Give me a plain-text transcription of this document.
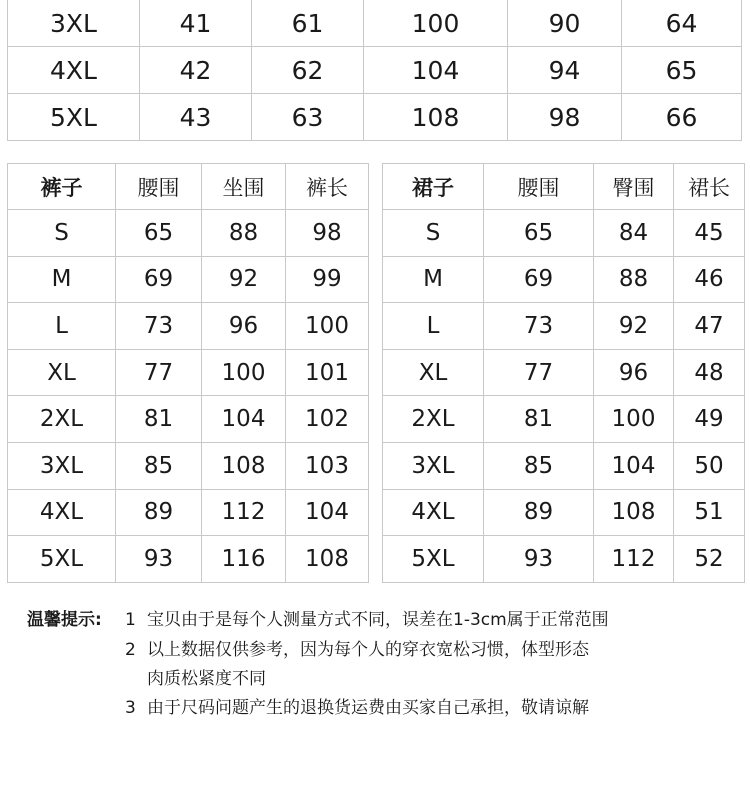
3XL	41	61	100	90	64
4XL	42	62	104	94	65
5XL	43	63	108	98	66
裤子	腰围	坐围	裤长
S	65	88	98
M	69	92	99
L	73	96	100
XL	77	100	101
2XL	81	104	102
3XL	85	108	103
4XL	89	112	104
5XL	93	116	108
裙子	腰围	臀围	裙长
S	65	84	45
M	69	88	46
L	73	92	47
XL	77	96	48
2XL	81	100	49
3XL	85	104	50
4XL	89	108	51
5XL	93	112	52
温馨提示: 1 宝贝由于是每个人测量方式不同，误差在1-3cm属于正常范围
2 以上数据仅供参考，因为每个人的穿衣宽松习惯，体型形态
肉质松紧度不同
3 由于尺码问题产生的退换货运费由买家自己承担，敬请谅解
